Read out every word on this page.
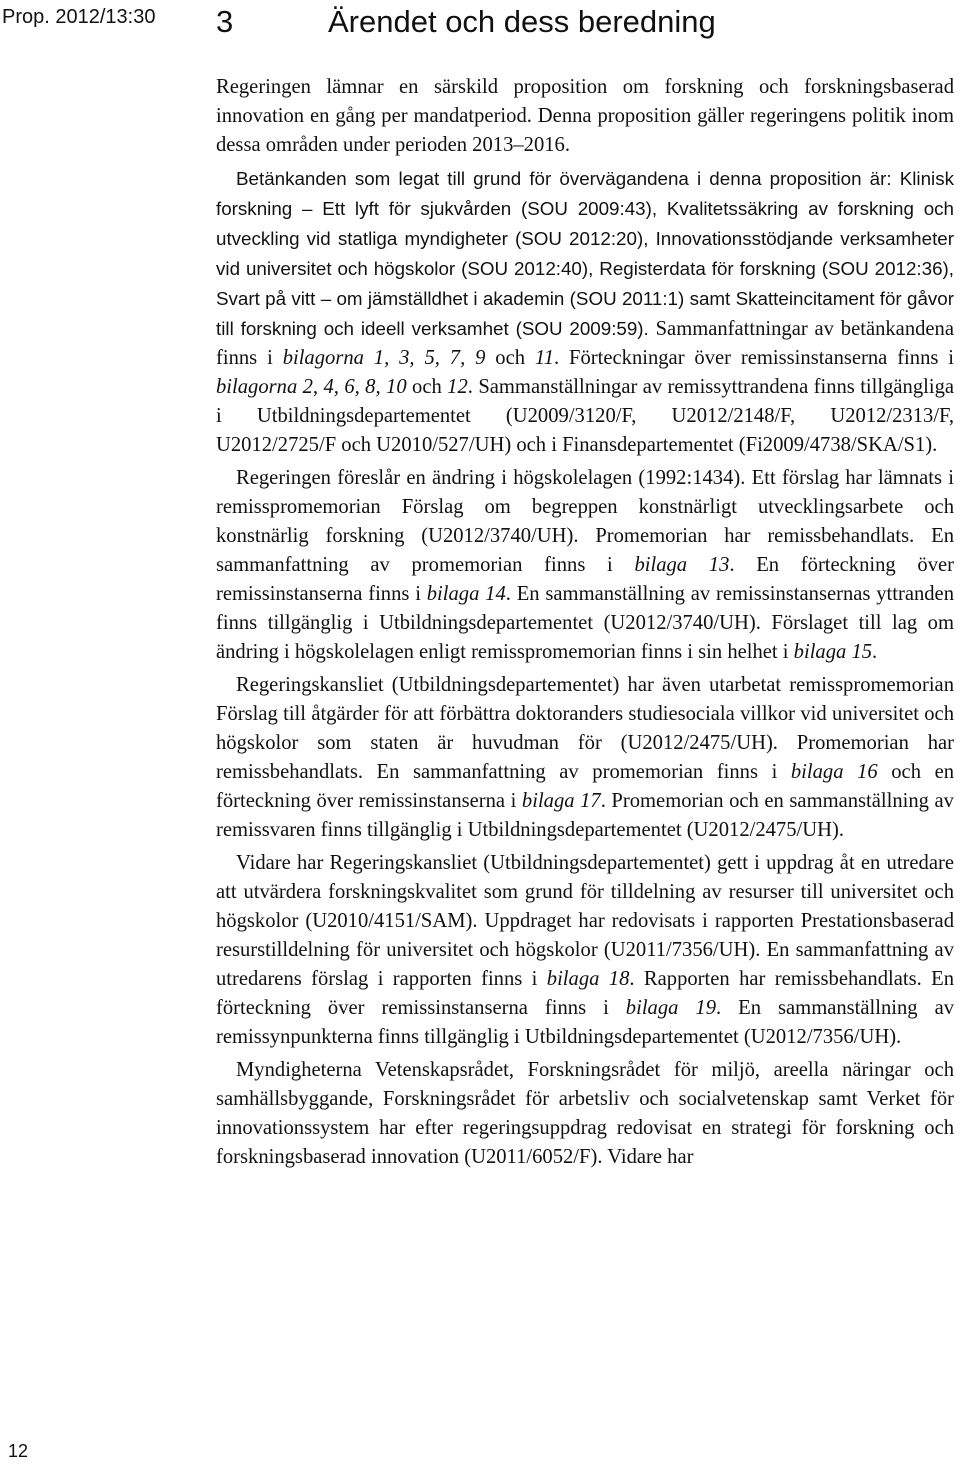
Prop. 2012/13:30 3	Ärendet och dess beredning

Regeringen lämnar en särskild proposition om forskning och forskningsbaserad innovation en gång per mandatperiod. Denna proposition gäller regeringens politik inom dessa områden under perioden 2013–2016.

Betänkanden som legat till grund för övervägandena i denna proposition är: Klinisk forskning – Ett lyft för sjukvården (SOU 2009:43), Kvalitetssäkring av forskning och utveckling vid statliga myndigheter (SOU 2012:20), Innovationsstödjande verksamheter vid universitet och högskolor (SOU 2012:40), Registerdata för forskning (SOU 2012:36), Svart på vitt – om jämställdhet i akademin (SOU 2011:1) samt Skatteincitament för gåvor till forskning och ideell verksamhet (SOU 2009:59). Sammanfattningar av betänkandena finns i bilagorna 1, 3, 5, 7, 9 och 11. Förteckningar över remissinstanserna finns i bilagorna 2, 4, 6, 8, 10 och 12. Sammanställningar av remissyttrandena finns tillgängliga i Utbildningsdepartementet (U2009/3120/F, U2012/2148/F, U2012/2313/F, U2012/2725/F och U2010/527/UH) och i Finansdepartementet (Fi2009/4738/SKA/S1).

Regeringen föreslår en ändring i högskolelagen (1992:1434). Ett förslag har lämnats i remisspromemorian Förslag om begreppen konstnärligt utvecklingsarbete och konstnärlig forskning (U2012/3740/UH). Promemorian har remissbehandlats. En sammanfattning av promemorian finns i bilaga 13. En förteckning över remissinstanserna finns i bilaga 14. En sammanställning av remissinstansernas yttranden finns tillgänglig i Utbildningsdepartementet (U2012/3740/UH). Förslaget till lag om ändring i högskolelagen enligt remisspromemorian finns i sin helhet i bilaga 15.

Regeringskansliet (Utbildningsdepartementet) har även utarbetat remisspromemorian Förslag till åtgärder för att förbättra doktoranders studiesociala villkor vid universitet och högskolor som staten är huvudman för (U2012/2475/UH). Promemorian har remissbehandlats. En sammanfattning av promemorian finns i bilaga 16 och en förteckning över remissinstanserna i bilaga 17. Promemorian och en sammanställning av remissvaren finns tillgänglig i Utbildningsdepartementet (U2012/2475/UH).

Vidare har Regeringskansliet (Utbildningsdepartementet) gett i uppdrag åt en utredare att utvärdera forskningskvalitet som grund för tilldelning av resurser till universitet och högskolor (U2010/4151/SAM). Uppdraget har redovisats i rapporten Prestationsbaserad resurstilldelning för universitet och högskolor (U2011/7356/UH). En sammanfattning av utredarens förslag i rapporten finns i bilaga 18. Rapporten har remissbehandlats. En förteckning över remissinstanserna finns i bilaga 19. En sammanställning av remissynpunkterna finns tillgänglig i Utbildningsdepartementet (U2012/7356/UH).

Myndigheterna Vetenskapsrådet, Forskningsrådet för miljö, areella näringar och samhällsbyggande, Forskningsrådet för arbetsliv och socialvetenskap samt Verket för innovationssystem har efter regeringsuppdrag redovisat en strategi för forskning och forskningsbaserad innovation (U2011/6052/F). Vidare har

12
